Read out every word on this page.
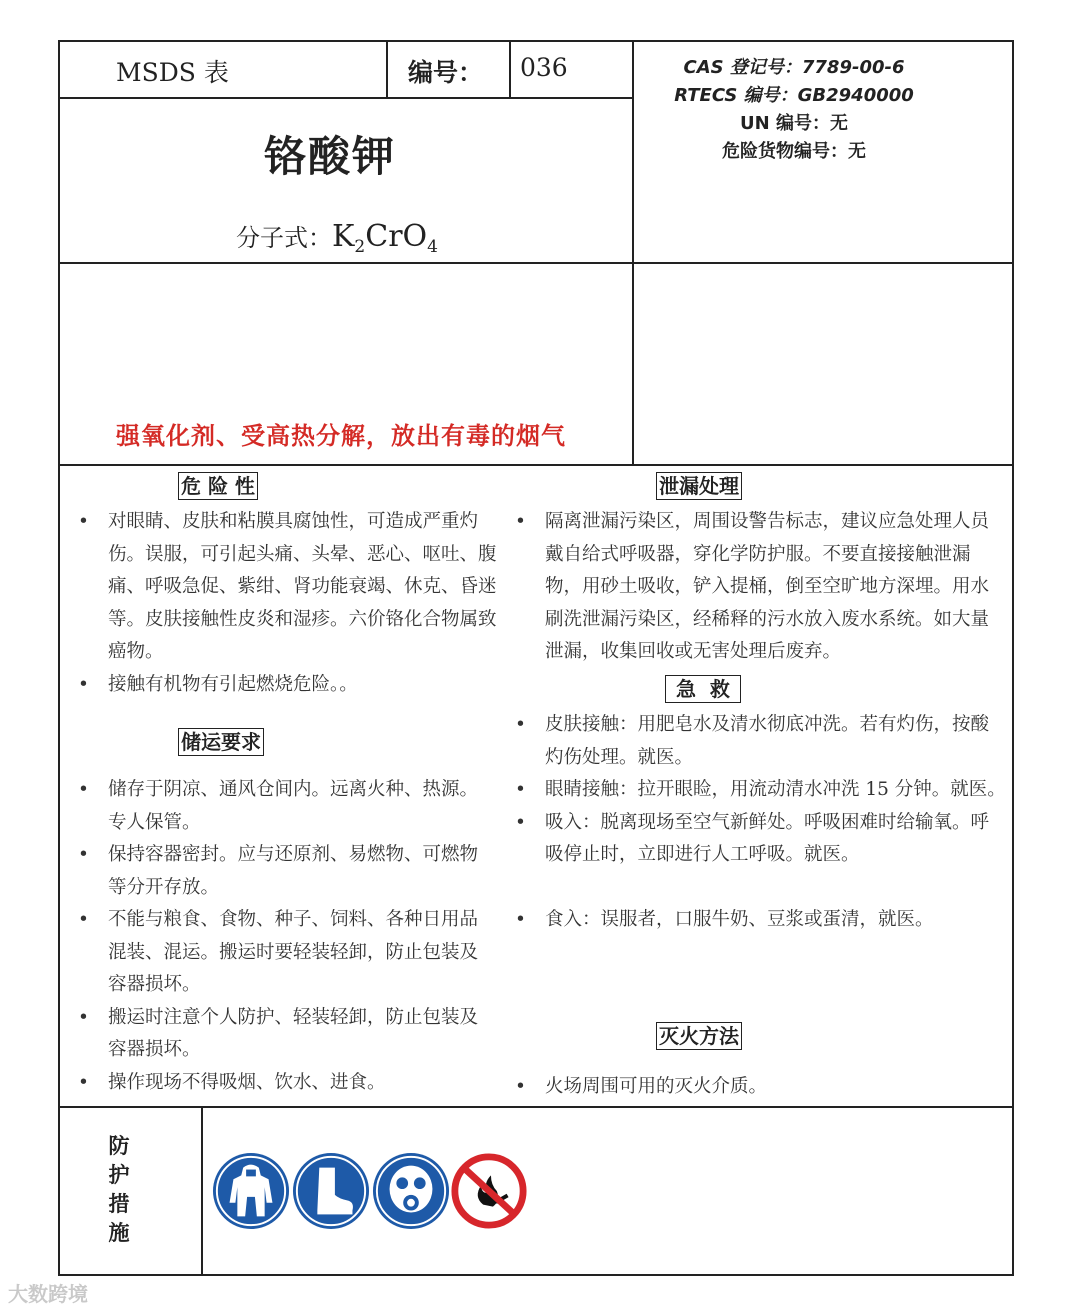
MSDS 表	编号： 036
铬酸钾
分子式：$K_2CrO_4$
CAS 登记号：7789-00-6
RTECS 编号：GB2940000
UN 编号：无
危险货物编号：无
强氧化剂、受高热分解，放出有毒的烟气
危 险 性
• 对眼睛、皮肤和粘膜具腐蚀性，可造成严重灼伤。误服，可引起头痛、头晕、恶心、呕吐、腹痛、呼吸急促、紫绀、肾功能衰竭、休克、昏迷等。皮肤接触性皮炎和湿疹。六价铬化合物属致癌物。
• 接触有机物有引起燃烧危险。。
储运要求
• 储存于阴凉、通风仓间内。远离火种、热源。专人保管。
• 保持容器密封。应与还原剂、易燃物、可燃物等分开存放。
• 不能与粮食、食物、种子、饲料、各种日用品混装、混运。搬运时要轻装轻卸，防止包装及容器损坏。
• 搬运时注意个人防护、轻装轻卸，防止包装及容器损坏。
• 操作现场不得吸烟、饮水、进食。
泄漏处理
• 隔离泄漏污染区，周围设警告标志，建议应急处理人员戴自给式呼吸器，穿化学防护服。不要直接接触泄漏物，用砂土吸收，铲入提桶，倒至空旷地方深埋。用水刷洗泄漏污染区，经稀释的污水放入废水系统。如大量泄漏，收集回收或无害处理后废弃。
急  救
• 皮肤接触：用肥皂水及清水彻底冲洗。若有灼伤，按酸灼伤处理。就医。
• 眼睛接触：拉开眼睑，用流动清水冲洗 15 分钟。就医。
• 吸入：脱离现场至空气新鲜处。呼吸困难时给输氧。呼吸停止时，立即进行人工呼吸。就医。
• 食入：误服者，口服牛奶、豆浆或蛋清，就医。
灭火方法
• 火场周围可用的灭火介质。
防护措施
大数跨境
